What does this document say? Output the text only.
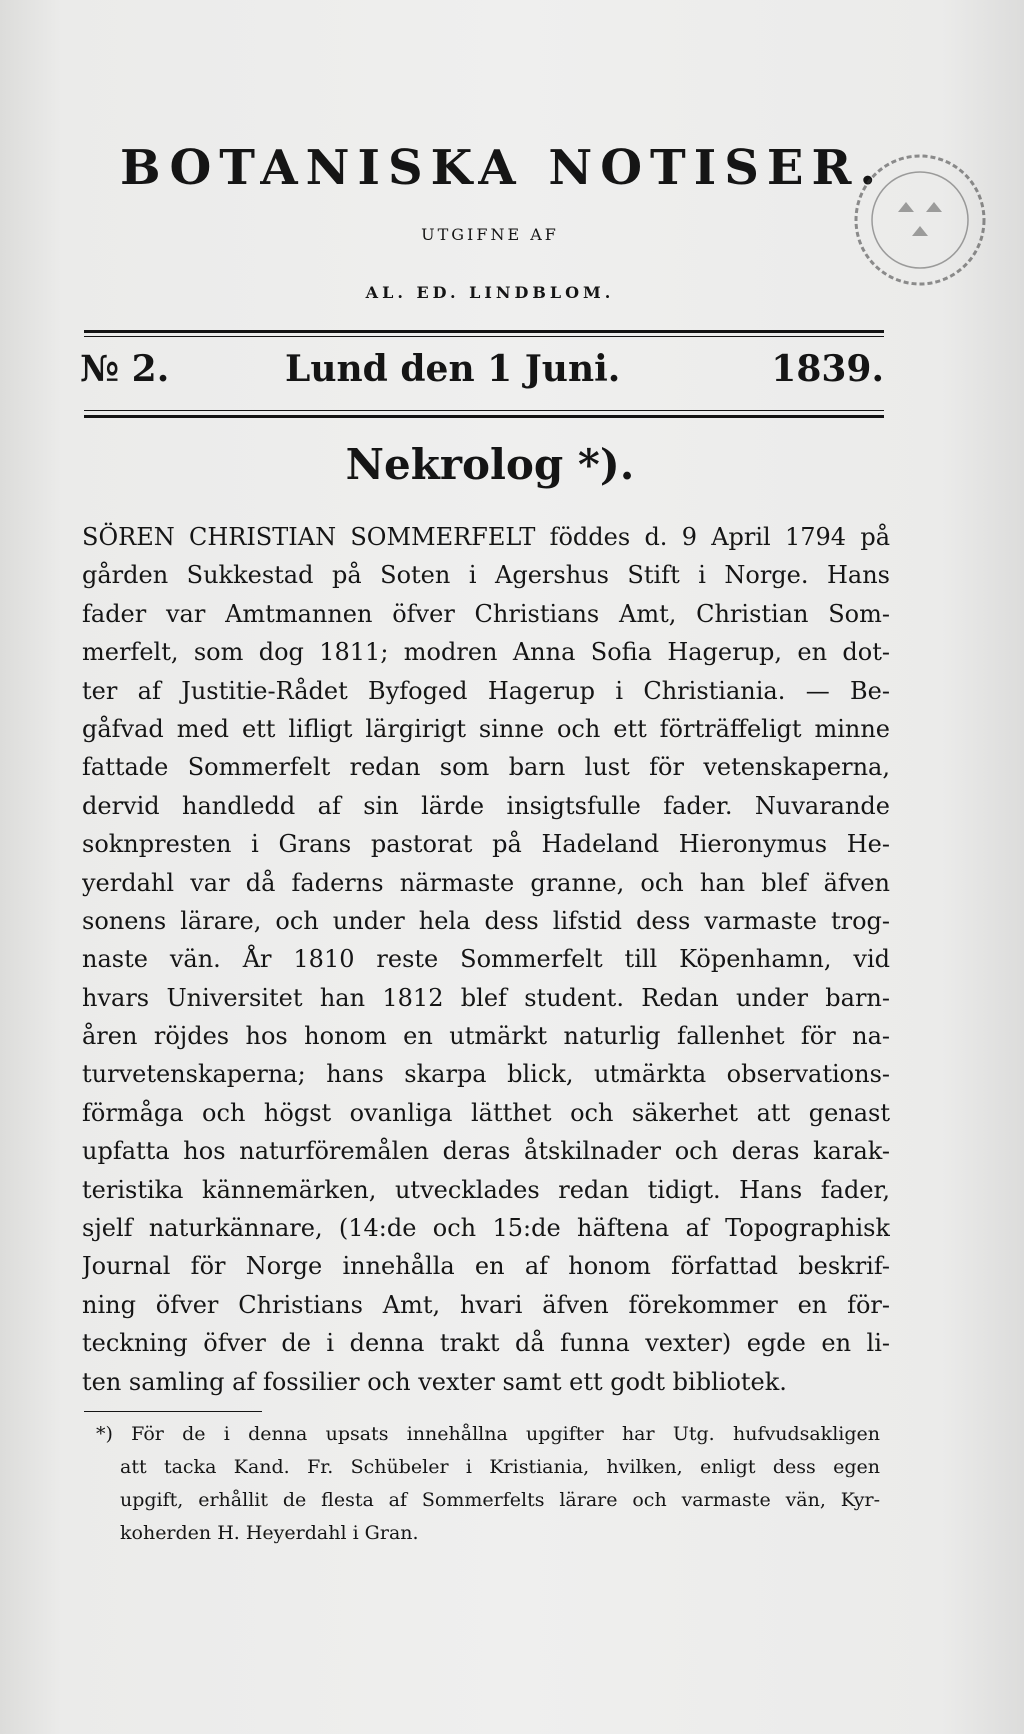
BOTANISKA NOTISER.
UTGIFNE AF
AL. ED. LINDBLOM.
№ 2.	Lund den 1 Juni.	1839.
Nekrolog *).
SÖREN CHRISTIAN SOMMERFELT föddes d. 9 April 1794 på
gården Sukkestad på Soten i Agershus Stift i Norge. Hans
fader var Amtmannen öfver Christians Amt, Christian Som-
merfelt, som dog 1811; modren Anna Sofia Hagerup, en dot-
ter af Justitie-Rådet Byfoged Hagerup i Christiania. — Be-
gåfvad med ett lifligt lärgirigt sinne och ett förträffeligt minne
fattade Sommerfelt redan som barn lust för vetenskaperna,
dervid handledd af sin lärde insigtsfulle fader. Nuvarande
soknpresten i Grans pastorat på Hadeland Hieronymus He-
yerdahl var då faderns närmaste granne, och han blef äfven
sonens lärare, och under hela dess lifstid dess varmaste trog-
naste vän. År 1810 reste Sommerfelt till Köpenhamn, vid
hvars Universitet han 1812 blef student. Redan under barn-
åren röjdes hos honom en utmärkt naturlig fallenhet för na-
turvetenskaperna; hans skarpa blick, utmärkta observations-
förmåga och högst ovanliga lätthet och säkerhet att genast
upfatta hos naturföremålen deras åtskilnader och deras karak-
teristika kännemärken, utvecklades redan tidigt. Hans fader,
sjelf naturkännare, (14:de och 15:de häftena af Topographisk
Journal för Norge innehålla en af honom författad beskrif-
ning öfver Christians Amt, hvari äfven förekommer en för-
teckning öfver de i denna trakt då funna vexter) egde en li-
ten samling af fossilier och vexter samt ett godt bibliotek.
*) För de i denna upsats innehållna upgifter har Utg. hufvudsakligen
att tacka Kand. Fr. Schübeler i Kristiania, hvilken, enligt dess egen
upgift, erhållit de flesta af Sommerfelts lärare och varmaste vän, Kyr-
koherden H. Heyerdahl i Gran.
